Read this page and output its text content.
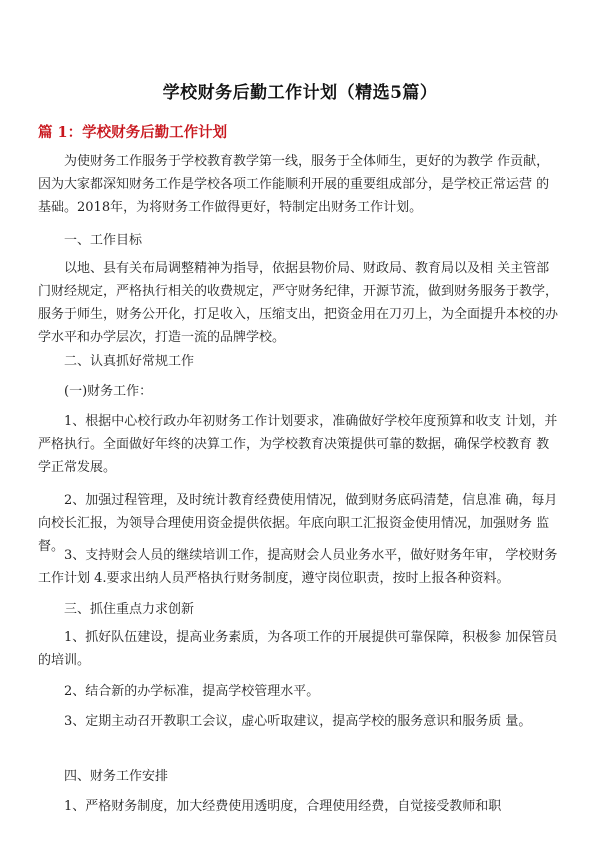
学校财务后勤工作计划（精选5篇）
篇 1：学校财务后勤工作计划

为使财务工作服务于学校教育教学第一线，服务于全体师生，更好的为教学 作贡献，因为大家都深知财务工作是学校各项工作能顺利开展的重要组成部分，是学校正常运营 的基础。2018年，为将财务工作做得更好，特制定出财务工作计划。

一、工作目标

以地、县有关布局调整精神为指导，依据县物价局、财政局、教育局以及相 关主管部门财经规定，严格执行相关的收费规定，严守财务纪律，开源节流，做到财务服务于教学，服务于师生，财务公开化，打足收入，压缩支出，把资金用在刀刃上，为全面提升本校的办 学水平和办学层次，打造一流的品牌学校。

二、认真抓好常规工作

(一)财务工作：

1、根据中心校行政办年初财务工作计划要求，准确做好学校年度预算和收支 计划，并严格执行。全面做好年终的决算工作，为学校教育决策提供可靠的数据，确保学校教育 教学正常发展。

2、加强过程管理，及时统计教育经费使用情况，做到财务底码清楚，信息准 确，每月向校长汇报，为领导合理使用资金提供依据。年底向职工汇报资金使用情况，加强财务 监督。

3、支持财会人员的继续培训工作，提高财会人员业务水平，做好财务年审， 学校财务工作计划 4.要求出纳人员严格执行财务制度，遵守岗位职责，按时上报各种资料。

三、抓住重点力求创新

1、抓好队伍建设，提高业务素质，为各项工作的开展提供可靠保障，积极参 加保管员的培训。

2、结合新的办学标准，提高学校管理水平。

3、定期主动召开教职工会议，虚心听取建议，提高学校的服务意识和服务质 量。

四、财务工作安排

1、严格财务制度，加大经费使用透明度，合理使用经费，自觉接受教师和职
